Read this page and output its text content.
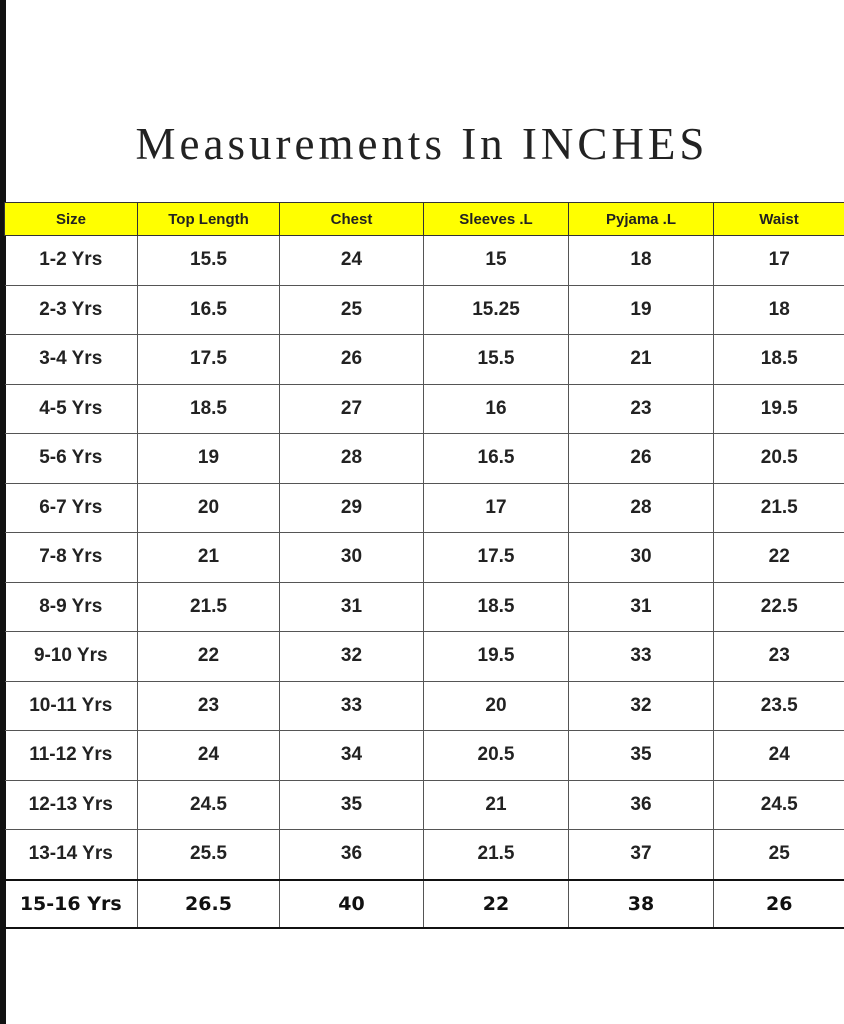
Measurements In INCHES
Size	Top Length	Chest	Sleeves .L	Pyjama .L	Waist
1-2 Yrs	15.5	24	15	18	17
2-3 Yrs	16.5	25	15.25	19	18
3-4 Yrs	17.5	26	15.5	21	18.5
4-5 Yrs	18.5	27	16	23	19.5
5-6 Yrs	19	28	16.5	26	20.5
6-7 Yrs	20	29	17	28	21.5
7-8 Yrs	21	30	17.5	30	22
8-9 Yrs	21.5	31	18.5	31	22.5
9-10 Yrs	22	32	19.5	33	23
10-11 Yrs	23	33	20	32	23.5
11-12 Yrs	24	34	20.5	35	24
12-13 Yrs	24.5	35	21	36	24.5
13-14 Yrs	25.5	36	21.5	37	25
15-16 Yrs	26.5	40	22	38	26
